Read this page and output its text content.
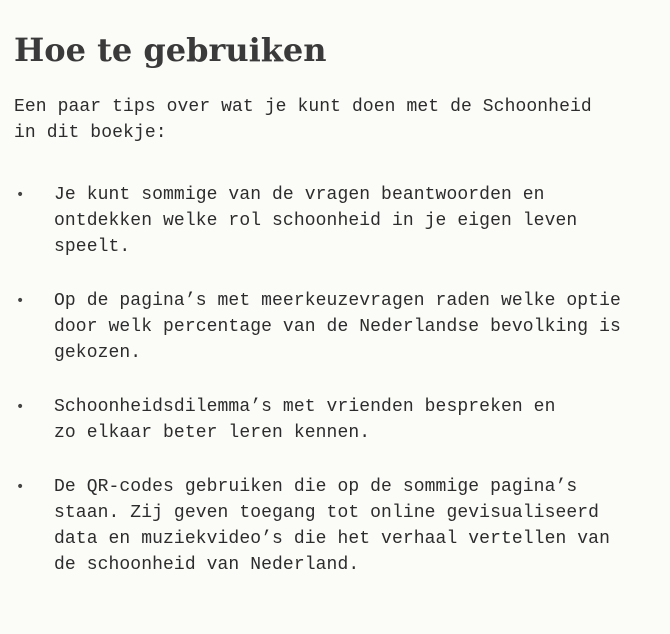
Hoe te gebruiken

Een paar tips over wat je kunt doen met de Schoonheid
in dit boekje:

• Je kunt sommige van de vragen beantwoorden en
ontdekken welke rol schoonheid in je eigen leven
speelt.
• Op de pagina’s met meerkeuzevragen raden welke optie
door welk percentage van de Nederlandse bevolking is
gekozen.
• Schoonheidsdilemma’s met vrienden bespreken en
zo elkaar beter leren kennen.
• De QR-codes gebruiken die op de sommige pagina’s
staan. Zij geven toegang tot online gevisualiseerd
data en muziekvideo’s die het verhaal vertellen van
de schoonheid van Nederland.
